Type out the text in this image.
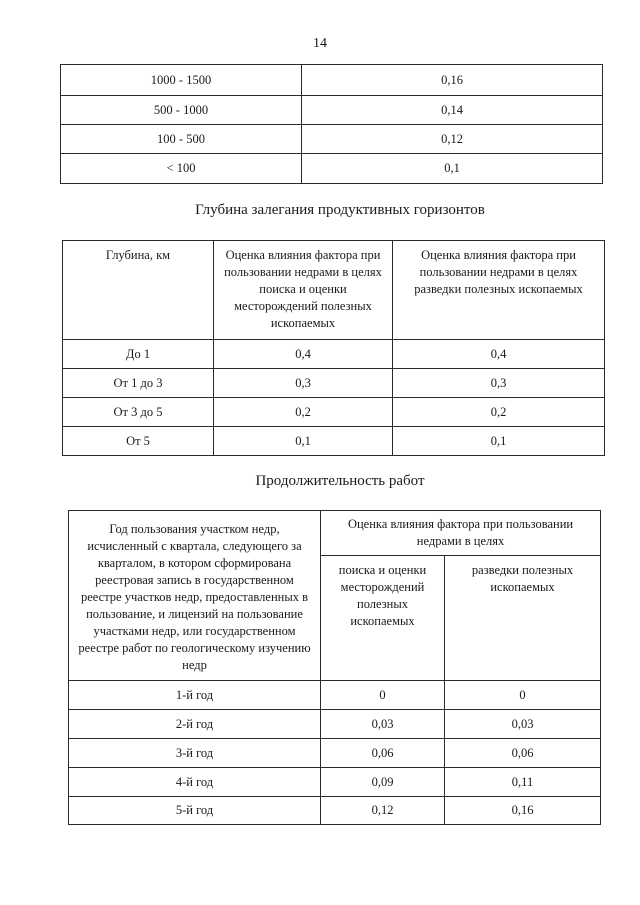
14
1000 - 1500	0,16
500 - 1000	0,14
100 - 500	0,12
< 100	0,1
Глубина залегания продуктивных горизонтов
Глубина, км	Оценка влияния фактора при пользовании недрами в целях поиска и оценки месторождений полезных ископаемых	Оценка влияния фактора при пользовании недрами в целях разведки полезных ископаемых
До 1	0,4	0,4
От 1 до 3	0,3	0,3
От 3 до 5	0,2	0,2
От 5	0,1	0,1
Продолжительность работ
Год пользования участком недр, исчисленный с квартала, следующего за кварталом, в котором сформирована реестровая запись в государственном реестре участков недр, предоставленных в пользование, и лицензий на пользование участками недр, или государственном реестре работ по геологическому изучению недр	Оценка влияния фактора при пользовании недрами в целях	
	поиска и оценки месторождений полезных ископаемых	разведки полезных ископаемых
1-й год	0	0
2-й год	0,03	0,03
3-й год	0,06	0,06
4-й год	0,09	0,11
5-й год	0,12	0,16
